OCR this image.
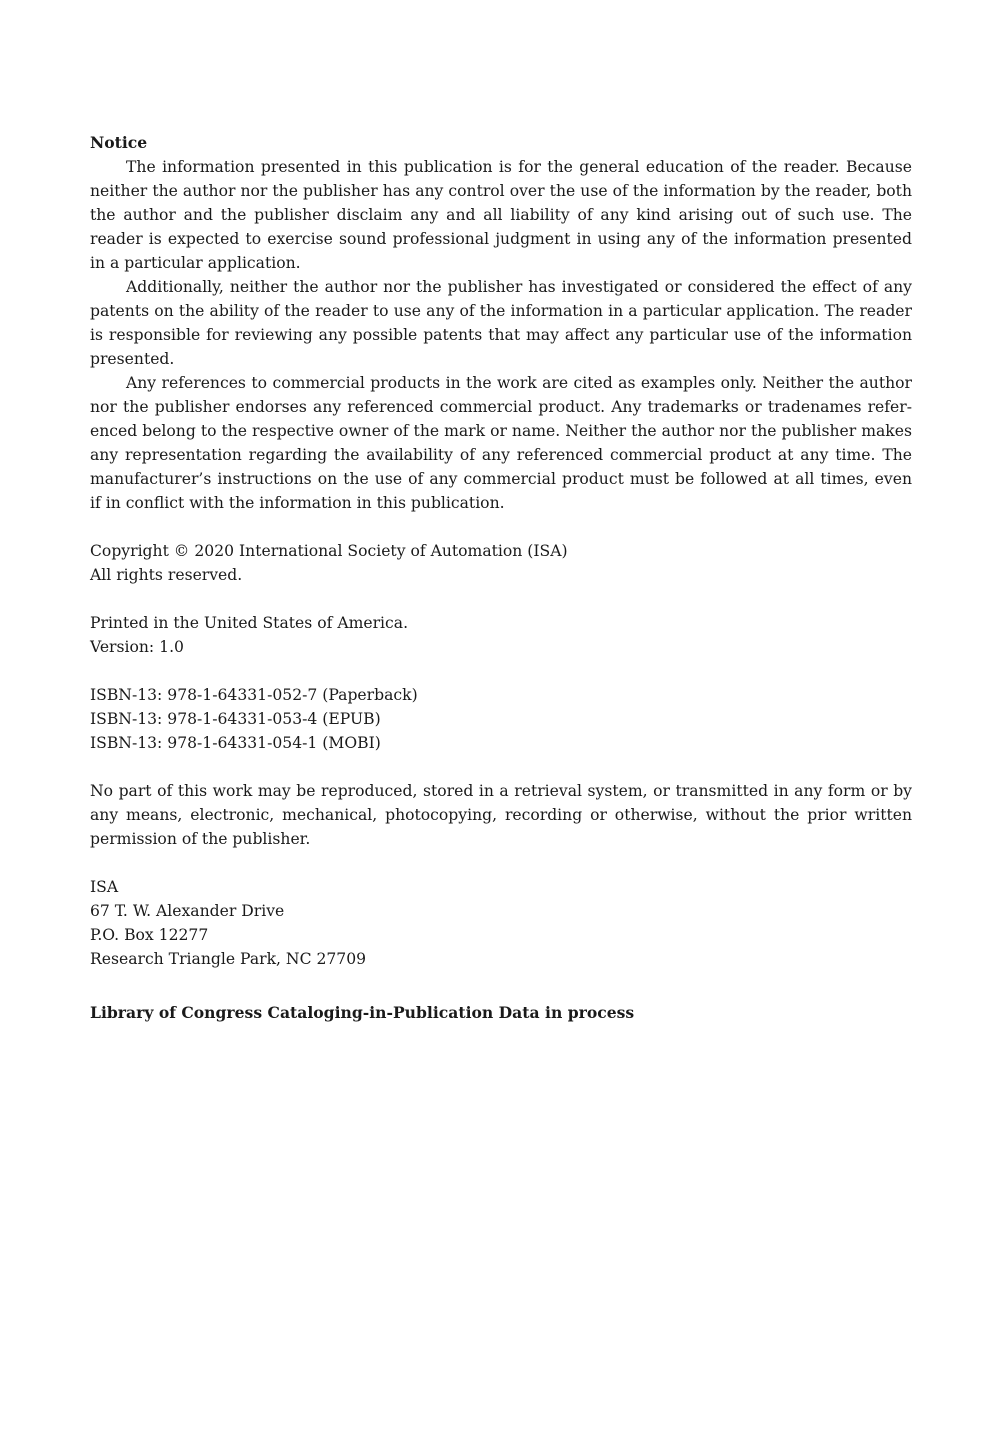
Notice
The information presented in this publication is for the general education of the reader. Because
neither the author nor the publisher has any control over the use of the information by the reader, both
the author and the publisher disclaim any and all liability of any kind arising out of such use. The
reader is expected to exercise sound professional judgment in using any of the information presented
in a particular application.
Additionally, neither the author nor the publisher has investigated or considered the effect of any
patents on the ability of the reader to use any of the information in a particular application. The reader
is responsible for reviewing any possible patents that may affect any particular use of the information
presented.
Any references to commercial products in the work are cited as examples only. Neither the author
nor the publisher endorses any referenced commercial product. Any trademarks or tradenames refer-
enced belong to the respective owner of the mark or name. Neither the author nor the publisher makes
any representation regarding the availability of any referenced commercial product at any time. The
manufacturer’s instructions on the use of any commercial product must be followed at all times, even
if in conflict with the information in this publication.
Copyright © 2020 International Society of Automation (ISA)
All rights reserved.
Printed in the United States of America.
Version: 1.0
ISBN-13: 978-1-64331-052-7 (Paperback)
ISBN-13: 978-1-64331-053-4 (EPUB)
ISBN-13: 978-1-64331-054-1 (MOBI)
No part of this work may be reproduced, stored in a retrieval system, or transmitted in any form or by
any means, electronic, mechanical, photocopying, recording or otherwise, without the prior written
permission of the publisher.
ISA
67 T. W. Alexander Drive
P.O. Box 12277
Research Triangle Park, NC 27709
Library of Congress Cataloging-in-Publication Data in process
